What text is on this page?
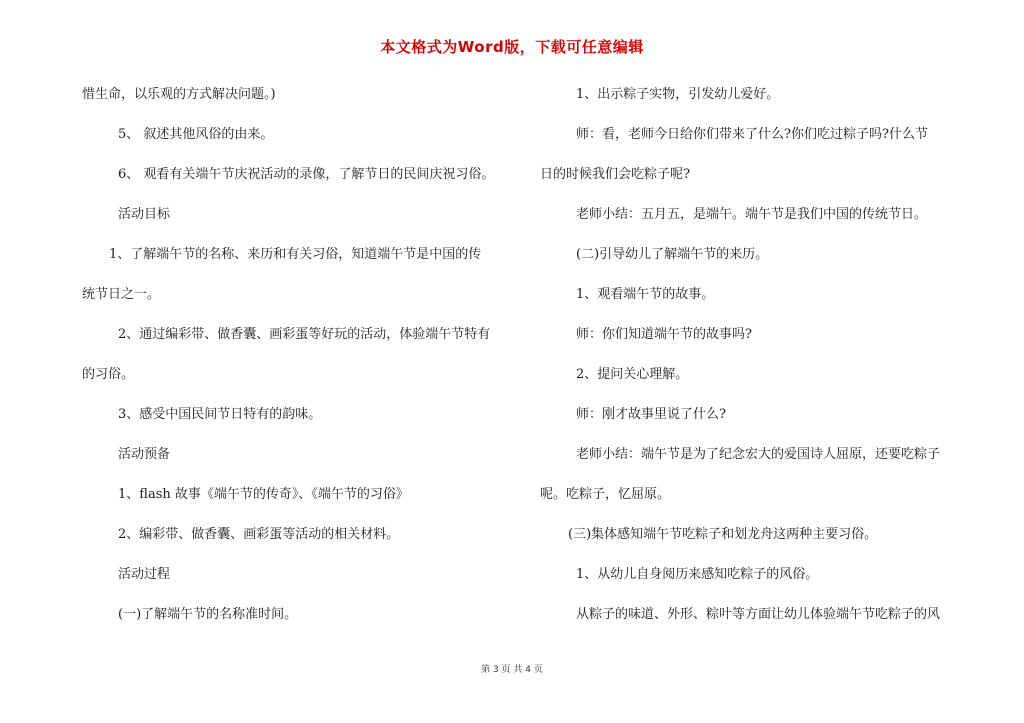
本文格式为Word版，下载可任意编辑
惜生命，以乐观的方式解决问题。)
5、 叙述其他风俗的由来。
6、 观看有关端午节庆祝活动的录像，了解节日的民间庆祝习俗。
活动目标
1、了解端午节的名称、来历和有关习俗，知道端午节是中国的传
统节日之一。
2、通过编彩带、做香囊、画彩蛋等好玩的活动，体验端午节特有
的习俗。
3、感受中国民间节日特有的韵味。
活动预备
1、flash 故事《端午节的传奇》、《端午节的习俗》
2、编彩带、做香囊、画彩蛋等活动的相关材料。
活动过程
(一)了解端午节的名称准时间。
1、出示粽子实物，引发幼儿爱好。
师：看，老师今日给你们带来了什么?你们吃过粽子吗?什么节
日的时候我们会吃粽子呢?
老师小结：五月五，是端午。端午节是我们中国的传统节日。
(二)引导幼儿了解端午节的来历。
1、观看端午节的故事。
师：你们知道端午节的故事吗?
2、提问关心理解。
师：刚才故事里说了什么?
老师小结：端午节是为了纪念宏大的爱国诗人屈原，还要吃粽子
呢。吃粽子，忆屈原。
(三)集体感知端午节吃粽子和划龙舟这两种主要习俗。
1、从幼儿自身阅历来感知吃粽子的风俗。
从粽子的味道、外形、粽叶等方面让幼儿体验端午节吃粽子的风
第 3 页 共 4 页
